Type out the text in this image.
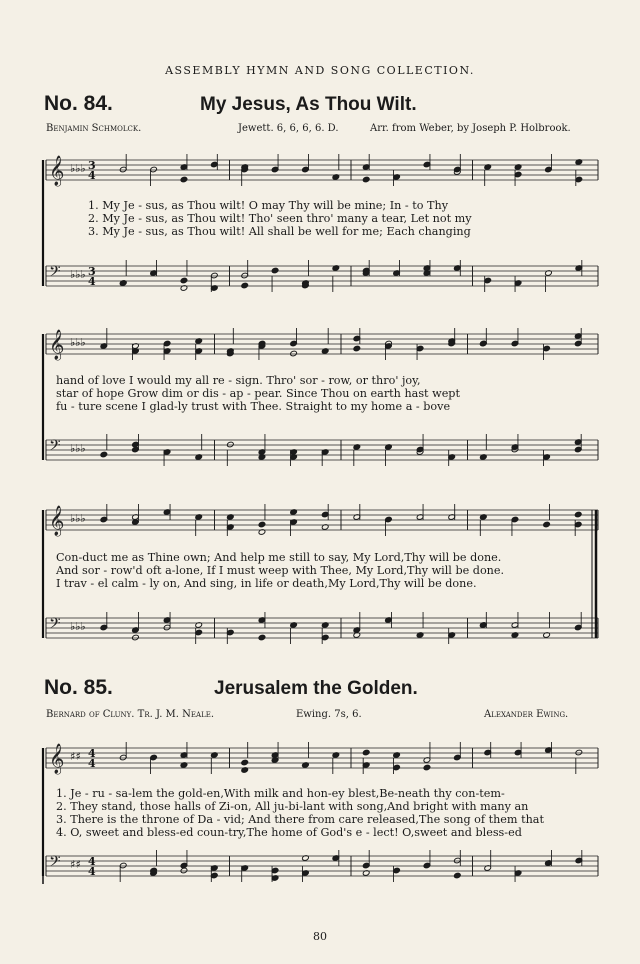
ASSEMBLY HYMN AND SONG COLLECTION.
No. 84.	My Jesus, As Thou Wilt.
Benjamin Schmolck.	Jewett. 6, 6, 6, 6. D.	Arr. from Weber, by Joseph P. Holbrook.
𝄞
𝄢
3
4
3
4
♭♭♭
♭♭♭
𝄞
𝄢
♭♭♭
♭♭♭
𝄞
𝄢
♭♭♭
♭♭♭
𝄞
𝄢
4
4
4
4
♯♯
♯♯
1. My Je - sus, as Thou wilt! O may Thy will be mine; In - to Thy
2. My Je - sus, as Thou wilt! Tho' seen thro' many a tear, Let not my
3. My Je - sus, as Thou wilt! All shall be well for me; Each changing
hand of love I would my all re - sign. Thro' sor - row, or thro' joy,
star of hope Grow dim or dis - ap - pear. Since Thou on earth hast wept
fu - ture scene I glad-ly trust with Thee. Straight to my home a - bove
Con-duct me as Thine own; And help me still to say, My Lord,Thy will be done.
And sor - row'd oft a-lone, If I must weep with Thee, My Lord,Thy will be done.
I trav - el calm - ly on, And sing, in life or death,My Lord,Thy will be done.
No. 85.	Jerusalem the Golden.
Bernard of Cluny. Tr. J. M. Neale.	Ewing. 7s, 6.	Alexander Ewing.
1. Je - ru - sa-lem the gold-en,With milk and hon-ey blest,Be-neath thy con-tem-
2. They stand, those halls of Zi-on, All ju-bi-lant with song,And bright with many an
3. There is the throne of Da - vid; And there from care released,The song of them that
4. O, sweet and bless-ed coun-try,The home of God's e - lect! O,sweet and bless-ed
80
